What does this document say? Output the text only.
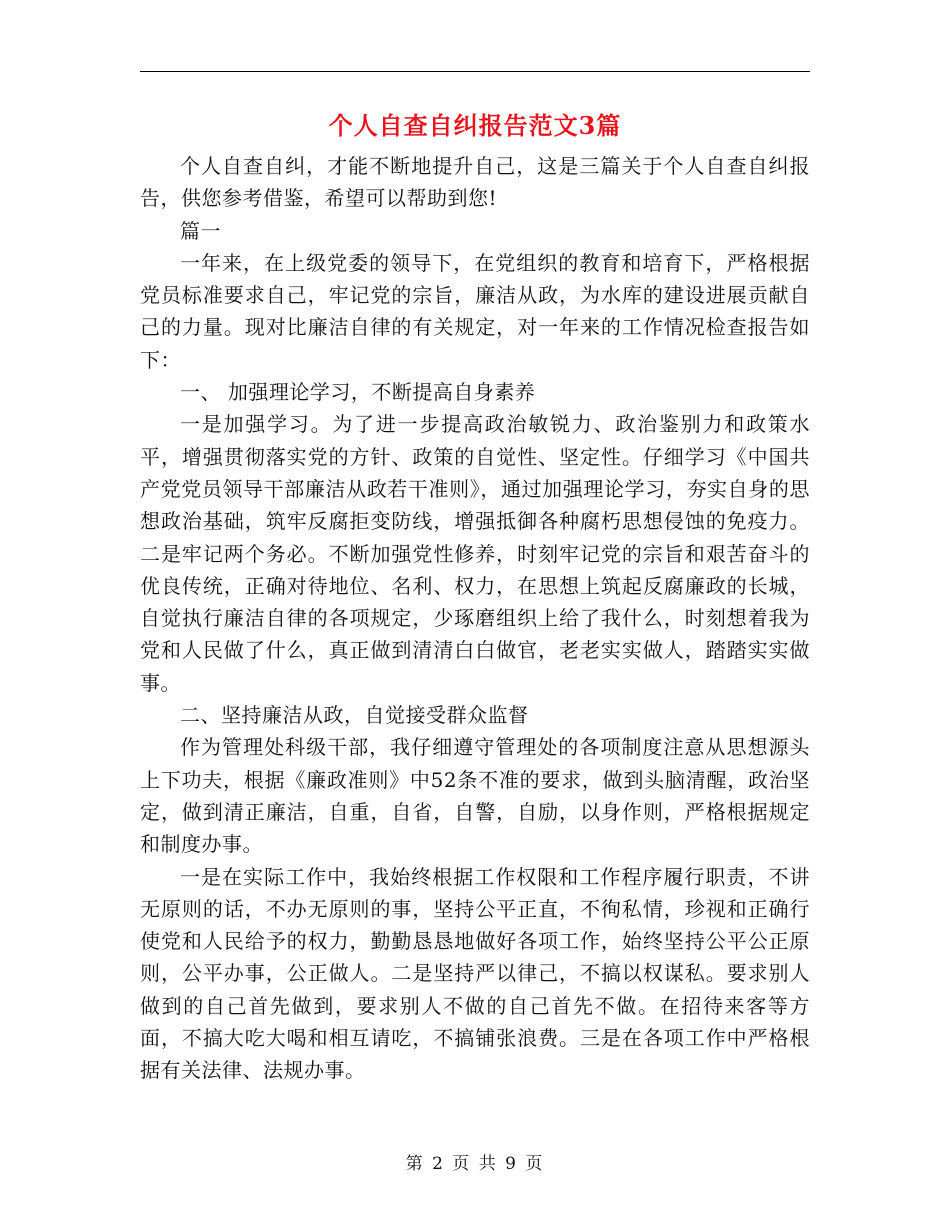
个人自查自纠报告范文3篇

个人自查自纠，才能不断地提升自己，这是三篇关于个人自查自纠报告，供您参考借鉴，希望可以帮助到您!

篇一

一年来，在上级党委的领导下，在党组织的教育和培育下，严格根据党员标准要求自己，牢记党的宗旨，廉洁从政，为水库的建设进展贡献自己的力量。现对比廉洁自律的有关规定，对一年来的工作情况检查报告如下：

一、 加强理论学习，不断提高自身素养

一是加强学习。为了进一步提高政治敏锐力、政治鉴别力和政策水平，增强贯彻落实党的方针、政策的自觉性、坚定性。仔细学习《中国共产党党员领导干部廉洁从政若干准则》，通过加强理论学习，夯实自身的思想政治基础，筑牢反腐拒变防线，增强抵御各种腐朽思想侵蚀的免疫力。二是牢记两个务必。不断加强党性修养，时刻牢记党的宗旨和艰苦奋斗的优良传统，正确对待地位、名利、权力，在思想上筑起反腐廉政的长城，自觉执行廉洁自律的各项规定，少琢磨组织上给了我什么，时刻想着我为党和人民做了什么，真正做到清清白白做官，老老实实做人，踏踏实实做事。

二、坚持廉洁从政，自觉接受群众监督

作为管理处科级干部，我仔细遵守管理处的各项制度注意从思想源头上下功夫，根据《廉政准则》中52条不准的要求，做到头脑清醒，政治坚定，做到清正廉洁，自重，自省，自警，自励，以身作则，严格根据规定和制度办事。

一是在实际工作中，我始终根据工作权限和工作程序履行职责，不讲无原则的话，不办无原则的事，坚持公平正直，不徇私情，珍视和正确行使党和人民给予的权力，勤勤恳恳地做好各项工作，始终坚持公平公正原则，公平办事，公正做人。二是坚持严以律己，不搞以权谋私。要求别人做到的自己首先做到，要求别人不做的自己首先不做。在招待来客等方面，不搞大吃大喝和相互请吃，不搞铺张浪费。三是在各项工作中严格根据有关法律、法规办事。

第 2 页 共 9 页
